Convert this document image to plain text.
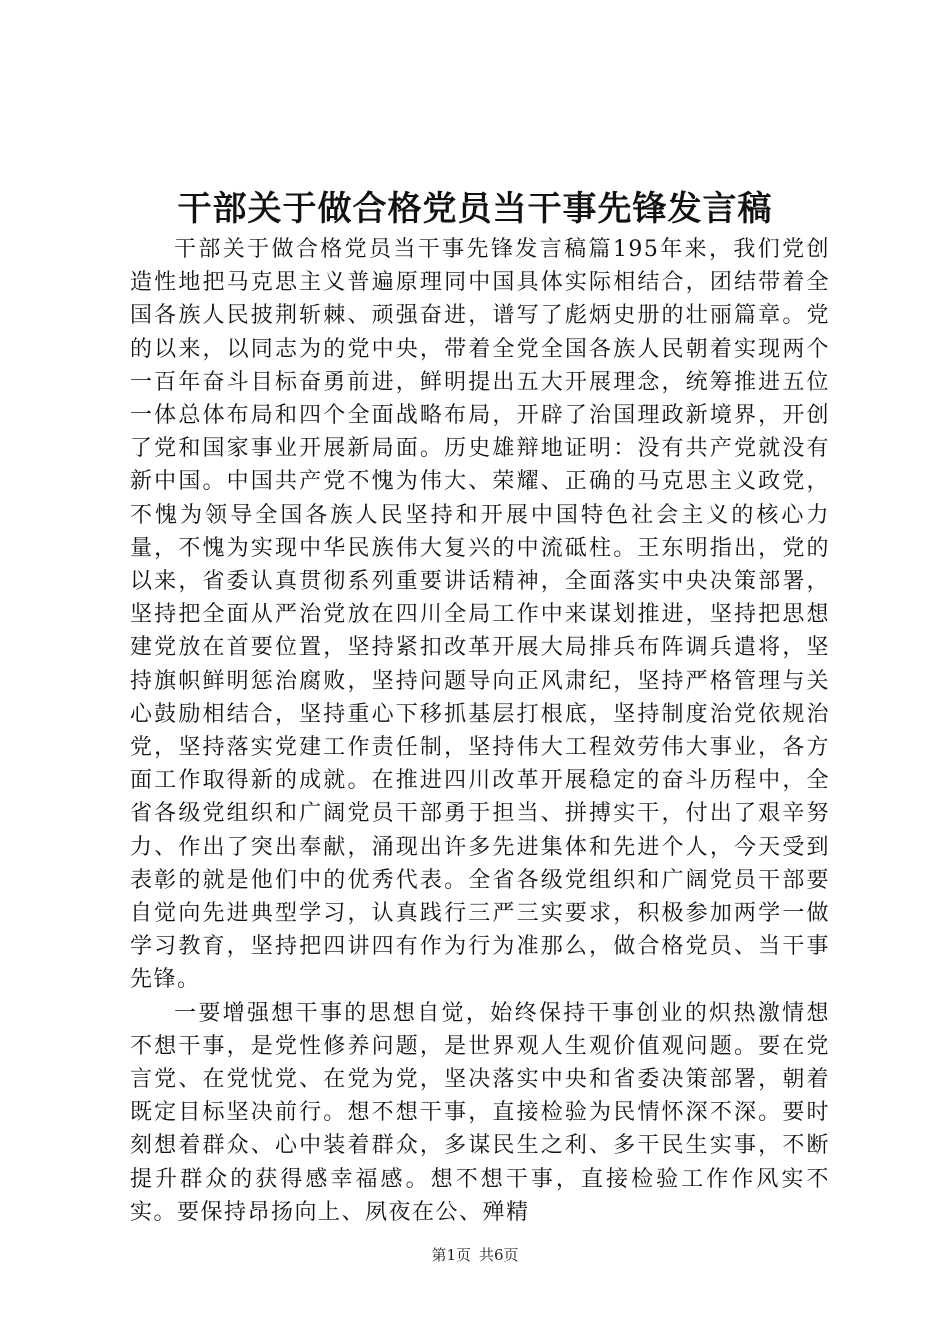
干部关于做合格党员当干事先锋发言稿

干部关于做合格党员当干事先锋发言稿篇195年来，我们党创造性地把马克思主义普遍原理同中国具体实际相结合，团结带着全国各族人民披荆斩棘、顽强奋进，谱写了彪炳史册的壮丽篇章。党的以来，以同志为的党中央，带着全党全国各族人民朝着实现两个一百年奋斗目标奋勇前进，鲜明提出五大开展理念，统筹推进五位一体总体布局和四个全面战略布局，开辟了治国理政新境界，开创了党和国家事业开展新局面。历史雄辩地证明：没有共产党就没有新中国。中国共产党不愧为伟大、荣耀、正确的马克思主义政党，不愧为领导全国各族人民坚持和开展中国特色社会主义的核心力量，不愧为实现中华民族伟大复兴的中流砥柱。王东明指出，党的以来，省委认真贯彻系列重要讲话精神，全面落实中央决策部署，坚持把全面从严治党放在四川全局工作中来谋划推进，坚持把思想建党放在首要位置，坚持紧扣改革开展大局排兵布阵调兵遣将，坚持旗帜鲜明惩治腐败，坚持问题导向正风肃纪，坚持严格管理与关心鼓励相结合，坚持重心下移抓基层打根底，坚持制度治党依规治党，坚持落实党建工作责任制，坚持伟大工程效劳伟大事业，各方面工作取得新的成就。在推进四川改革开展稳定的奋斗历程中，全省各级党组织和广阔党员干部勇于担当、拼搏实干，付出了艰辛努力、作出了突出奉献，涌现出许多先进集体和先进个人，今天受到表彰的就是他们中的优秀代表。全省各级党组织和广阔党员干部要自觉向先进典型学习，认真践行三严三实要求，积极参加两学一做学习教育，坚持把四讲四有作为行为准那么，做合格党员、当干事先锋。

一要增强想干事的思想自觉，始终保持干事创业的炽热激情想不想干事，是党性修养问题，是世界观人生观价值观问题。要在党言党、在党忧党、在党为党，坚决落实中央和省委决策部署，朝着既定目标坚决前行。想不想干事，直接检验为民情怀深不深。要时刻想着群众、心中装着群众，多谋民生之利、多干民生实事，不断提升群众的获得感幸福感。想不想干事，直接检验工作作风实不实。要保持昂扬向上、夙夜在公、殚精

第1页 共6页
